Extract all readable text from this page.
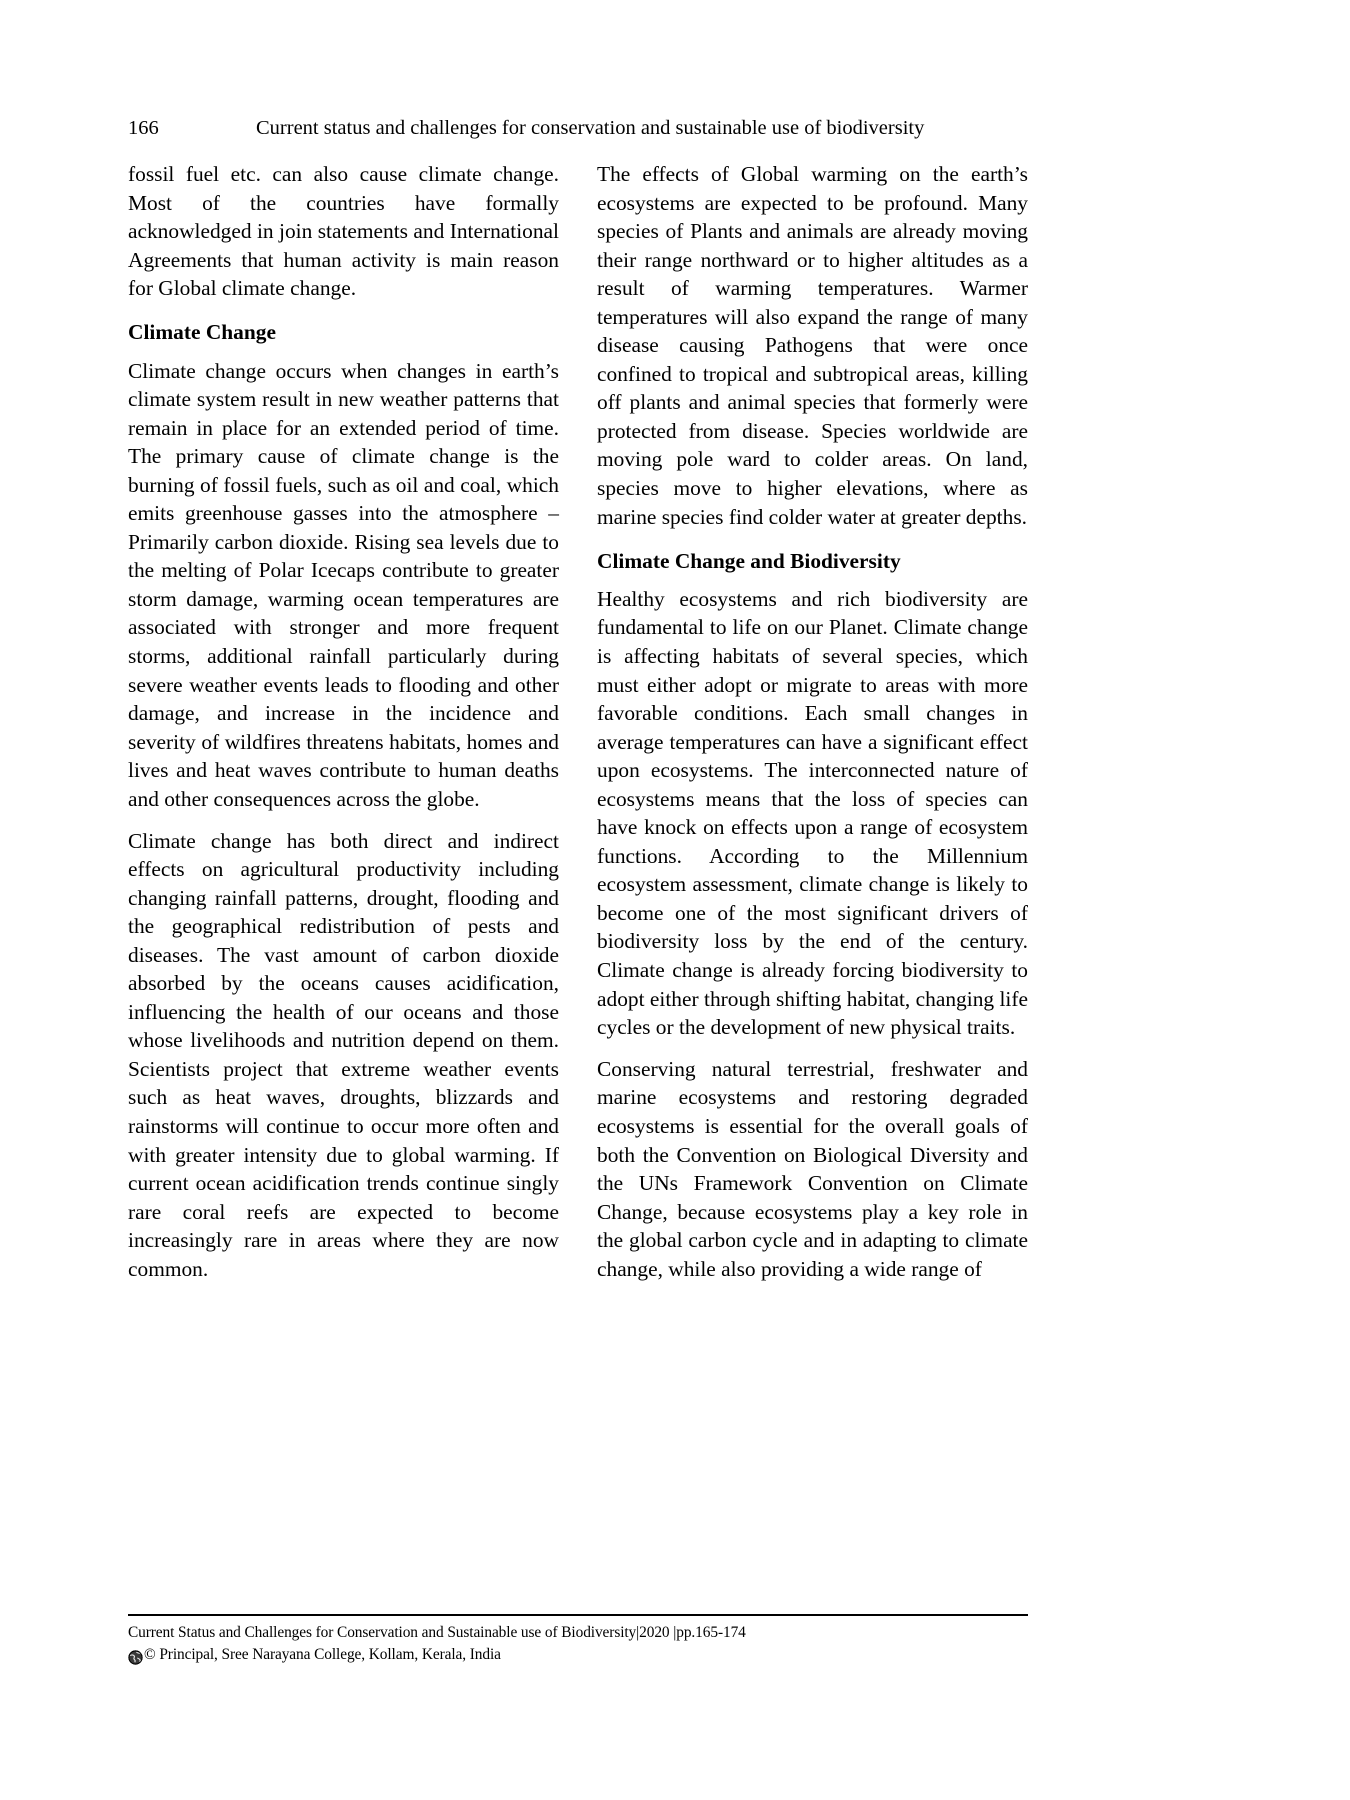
166	Current status and challenges for conservation and sustainable use of biodiversity

fossil fuel etc. can also cause climate change. Most of the countries have formally acknowledged in join statements and International Agreements that human activity is main reason for Global climate change.

Climate Change

Climate change occurs when changes in earth’s climate system result in new weather patterns that remain in place for an extended period of time. The primary cause of climate change is the burning of fossil fuels, such as oil and coal, which emits greenhouse gasses into the atmosphere – Primarily carbon dioxide. Rising sea levels due to the melting of Polar Icecaps contribute to greater storm damage, warming ocean temperatures are associated with stronger and more frequent storms, additional rainfall particularly during severe weather events leads to flooding and other damage, and increase in the incidence and severity of wildfires threatens habitats, homes and lives and heat waves contribute to human deaths and other consequences across the globe.

Climate change has both direct and indirect effects on agricultural productivity including changing rainfall patterns, drought, flooding and the geographical redistribution of pests and diseases. The vast amount of carbon dioxide absorbed by the oceans causes acidification, influencing the health of our oceans and those whose livelihoods and nutrition depend on them. Scientists project that extreme weather events such as heat waves, droughts, blizzards and rainstorms will continue to occur more often and with greater intensity due to global warming. If current ocean acidification trends continue singly rare coral reefs are expected to become increasingly rare in areas where they are now common.

The effects of Global warming on the earth’s ecosystems are expected to be profound. Many species of Plants and animals are already moving their range northward or to higher altitudes as a result of warming temperatures. Warmer temperatures will also expand the range of many disease causing Pathogens that were once confined to tropical and subtropical areas, killing off plants and animal species that formerly were protected from disease. Species worldwide are moving pole ward to colder areas. On land, species move to higher elevations, where as marine species find colder water at greater depths.

Climate Change and Biodiversity

Healthy ecosystems and rich biodiversity are fundamental to life on our Planet. Climate change is affecting habitats of several species, which must either adopt or migrate to areas with more favorable conditions. Each small changes in average temperatures can have a significant effect upon ecosystems. The interconnected nature of ecosystems means that the loss of species can have knock on effects upon a range of ecosystem functions. According to the Millennium ecosystem assessment, climate change is likely to become one of the most significant drivers of biodiversity loss by the end of the century. Climate change is already forcing biodiversity to adopt either through shifting habitat, changing life cycles or the development of new physical traits.

Conserving natural terrestrial, freshwater and marine ecosystems and restoring degraded ecosystems is essential for the overall goals of both the Convention on Biological Diversity and the UNs Framework Convention on Climate Change, because ecosystems play a key role in the global carbon cycle and in adapting to climate change, while also providing a wide range of

Current Status and Challenges for Conservation and Sustainable use of Biodiversity|2020 |pp.165-174
© Principal, Sree Narayana College, Kollam, Kerala, India
